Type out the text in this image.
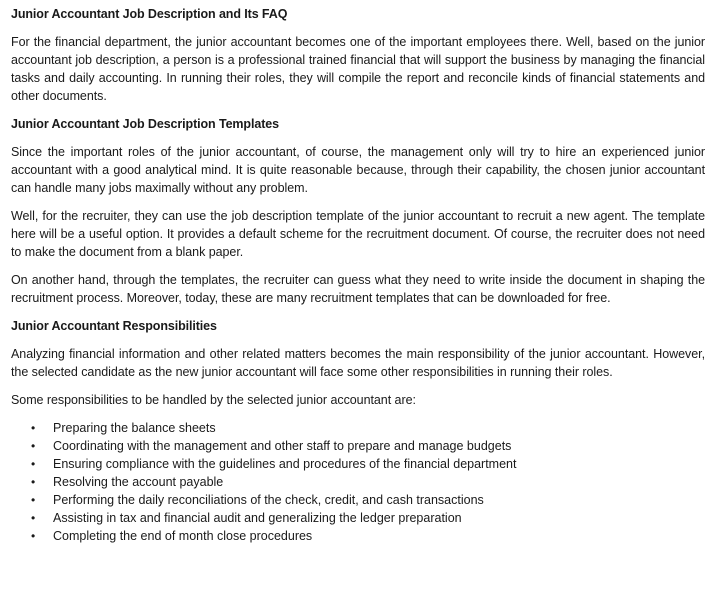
Junior Accountant Job Description and Its FAQ

For the financial department, the junior accountant becomes one of the important employees there. Well, based on the junior accountant job description, a person is a professional trained financial that will support the business by managing the financial tasks and daily accounting. In running their roles, they will compile the report and reconcile kinds of financial statements and other documents.

Junior Accountant Job Description Templates

Since the important roles of the junior accountant, of course, the management only will try to hire an experienced junior accountant with a good analytical mind. It is quite reasonable because, through their capability, the chosen junior accountant can handle many jobs maximally without any problem.

Well, for the recruiter, they can use the job description template of the junior accountant to recruit a new agent. The template here will be a useful option. It provides a default scheme for the recruitment document. Of course, the recruiter does not need to make the document from a blank paper.

On another hand, through the templates, the recruiter can guess what they need to write inside the document in shaping the recruitment process. Moreover, today, these are many recruitment templates that can be downloaded for free.

Junior Accountant Responsibilities

Analyzing financial information and other related matters becomes the main responsibility of the junior accountant. However, the selected candidate as the new junior accountant will face some other responsibilities in running their roles.

Some responsibilities to be handled by the selected junior accountant are:

•	Preparing the balance sheets
•	Coordinating with the management and other staff to prepare and manage budgets
•	Ensuring compliance with the guidelines and procedures of the financial department
•	Resolving the account payable
•	Performing the daily reconciliations of the check, credit, and cash transactions
•	Assisting in tax and financial audit and generalizing the ledger preparation
•	Completing the end of month close procedures
